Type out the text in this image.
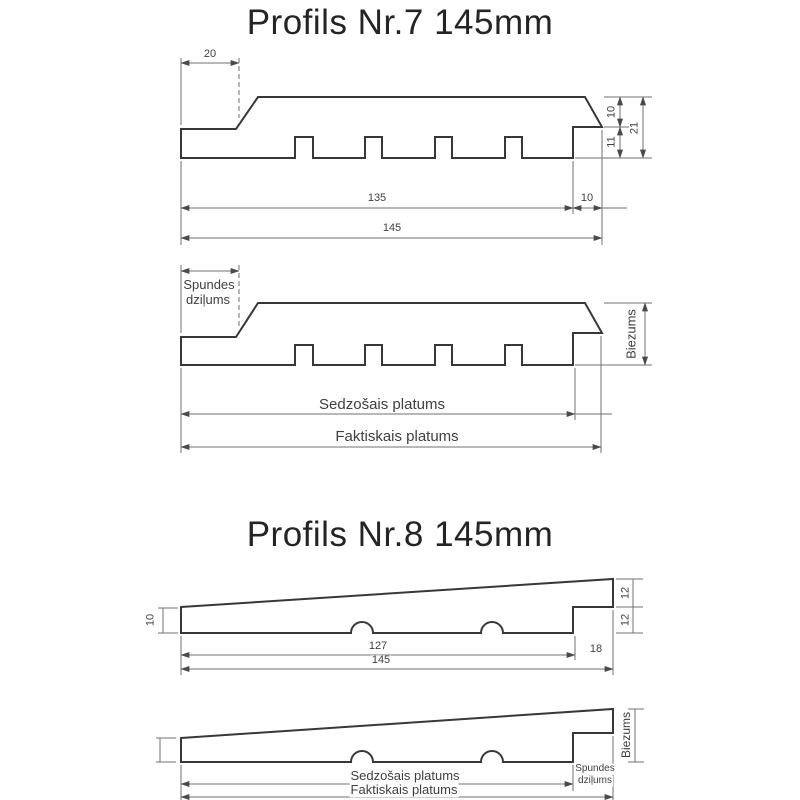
Profils Nr.7 145mm
Profils Nr.8 145mm
20
10
21
11
135	10
145
Spundes
dziļums
Biezums
Sedzošais platums
Faktiskais platums
10
12
12
127	18
145
Biezums
Spundes
dziļums
Sedzošais platums
Faktiskais platums
